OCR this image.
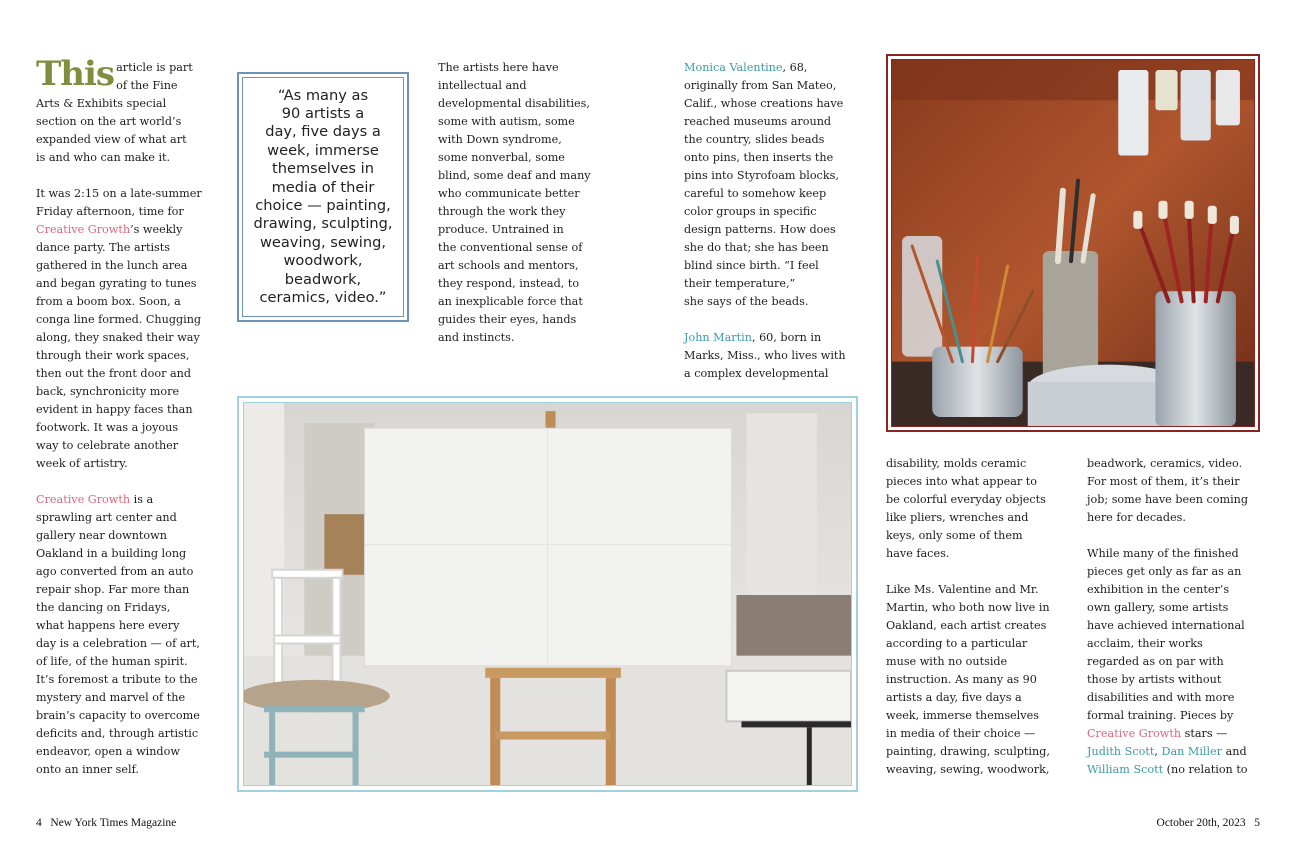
This article is part
of the Fine
Arts & Exhibits special
section on the art world’s
expanded view of what art
is and who can make it.

It was 2:15 on a late-summer
Friday afternoon, time for
Creative Growth’s weekly
dance party. The artists
gathered in the lunch area
and began gyrating to tunes
from a boom box. Soon, a
conga line formed. Chugging
along, they snaked their way
through their work spaces,
then out the front door and
back, synchronicity more
evident in happy faces than
footwork. It was a joyous
way to celebrate another
week of artistry.

Creative Growth is a
sprawling art center and
gallery near downtown
Oakland in a building long
ago converted from an auto
repair shop. Far more than
the dancing on Fridays,
what happens here every
day is a celebration — of art,
of life, of the human spirit.
It’s foremost a tribute to the
mystery and marvel of the
brain’s capacity to overcome
deficits and, through artistic
endeavor, open a window
onto an inner self.

“As many as
90 artists a
day, five days a
week, immerse
themselves in
media of their
choice — painting,
drawing, sculpting,
weaving, sewing,
woodwork,
beadwork,
ceramics, video.”

The artists here have
intellectual and
developmental disabilities,
some with autism, some
with Down syndrome,
some nonverbal, some
blind, some deaf and many
who communicate better
through the work they
produce. Untrained in
the conventional sense of
art schools and mentors,
they respond, instead, to
an inexplicable force that
guides their eyes, hands
and instincts.

Monica Valentine, 68,
originally from San Mateo,
Calif., whose creations have
reached museums around
the country, slides beads
onto pins, then inserts the
pins into Styrofoam blocks,
careful to somehow keep
color groups in specific
design patterns. How does
she do that; she has been
blind since birth. “I feel
their temperature,”
she says of the beads.

John Martin, 60, born in
Marks, Miss., who lives with
a complex developmental

disability, molds ceramic
pieces into what appear to
be colorful everyday objects
like pliers, wrenches and
keys, only some of them
have faces.

Like Ms. Valentine and Mr.
Martin, who both now live in
Oakland, each artist creates
according to a particular
muse with no outside
instruction. As many as 90
artists a day, five days a
week, immerse themselves
in media of their choice —
painting, drawing, sculpting,
weaving, sewing, woodwork,

beadwork, ceramics, video.
For most of them, it’s their
job; some have been coming
here for decades.

While many of the finished
pieces get only as far as an
exhibition in the center’s
own gallery, some artists
have achieved international
acclaim, their works
regarded as on par with
those by artists without
disabilities and with more
formal training. Pieces by
Creative Growth stars —
Judith Scott, Dan Miller and
William Scott (no relation to

4 New York Times Magazine	October 20th, 2023 5
